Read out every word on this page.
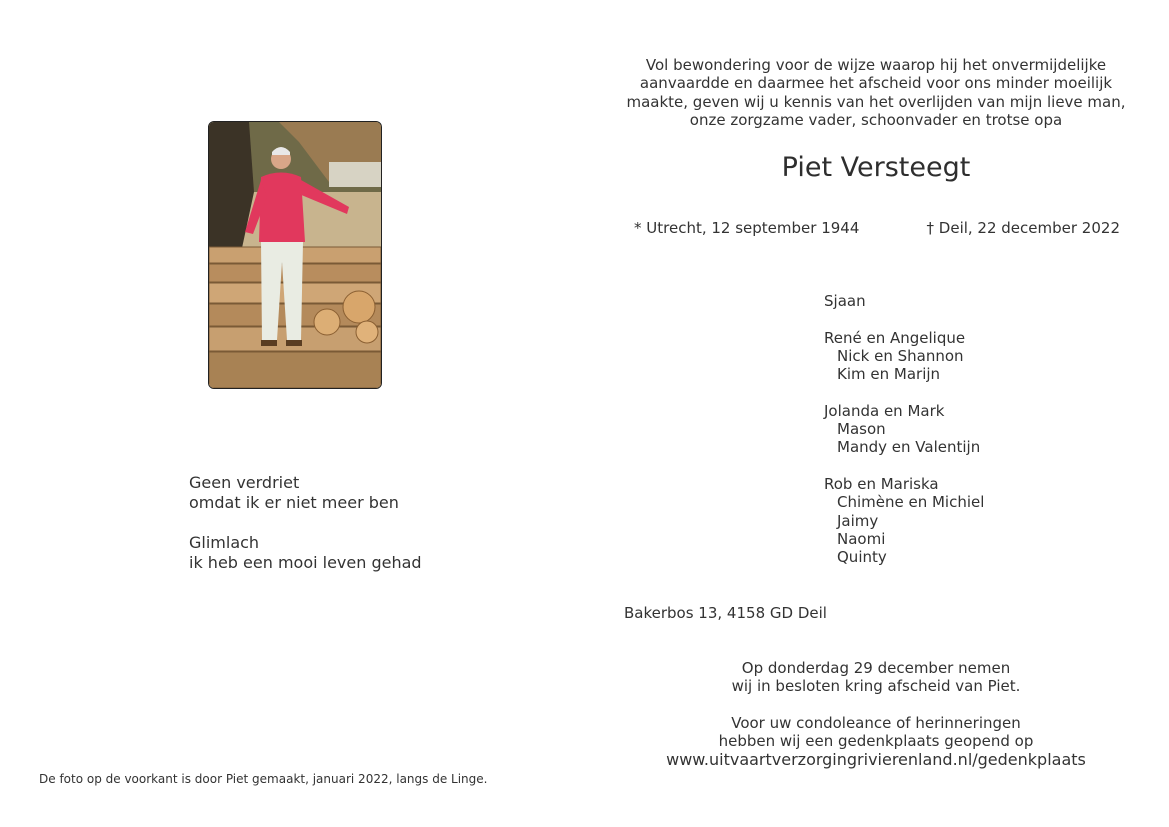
Geen verdriet
omdat ik er niet meer ben
Glimlach
ik heb een mooi leven gehad
De foto op de voorkant is door Piet gemaakt, januari 2022, langs de Linge.
Vol bewondering voor de wijze waarop hij het onvermijdelijke
aanvaardde en daarmee het afscheid voor ons minder moeilijk
maakte, geven wij u kennis van het overlijden van mijn lieve man,
onze zorgzame vader, schoonvader en trotse opa
Piet Versteegt
* Utrecht, 12 september 1944	† Deil, 22 december 2022
Sjaan
René en Angelique
Nick en Shannon
Kim en Marijn
Jolanda en Mark
Mason
Mandy en Valentijn
Rob en Mariska
Chimène en Michiel
Jaimy
Naomi
Quinty
Bakerbos 13, 4158 GD Deil
Op donderdag 29 december nemen
wij in besloten kring afscheid van Piet.
Voor uw condoleance of herinneringen
hebben wij een gedenkplaats geopend op
www.uitvaartverzorgingrivierenland.nl/gedenkplaats
